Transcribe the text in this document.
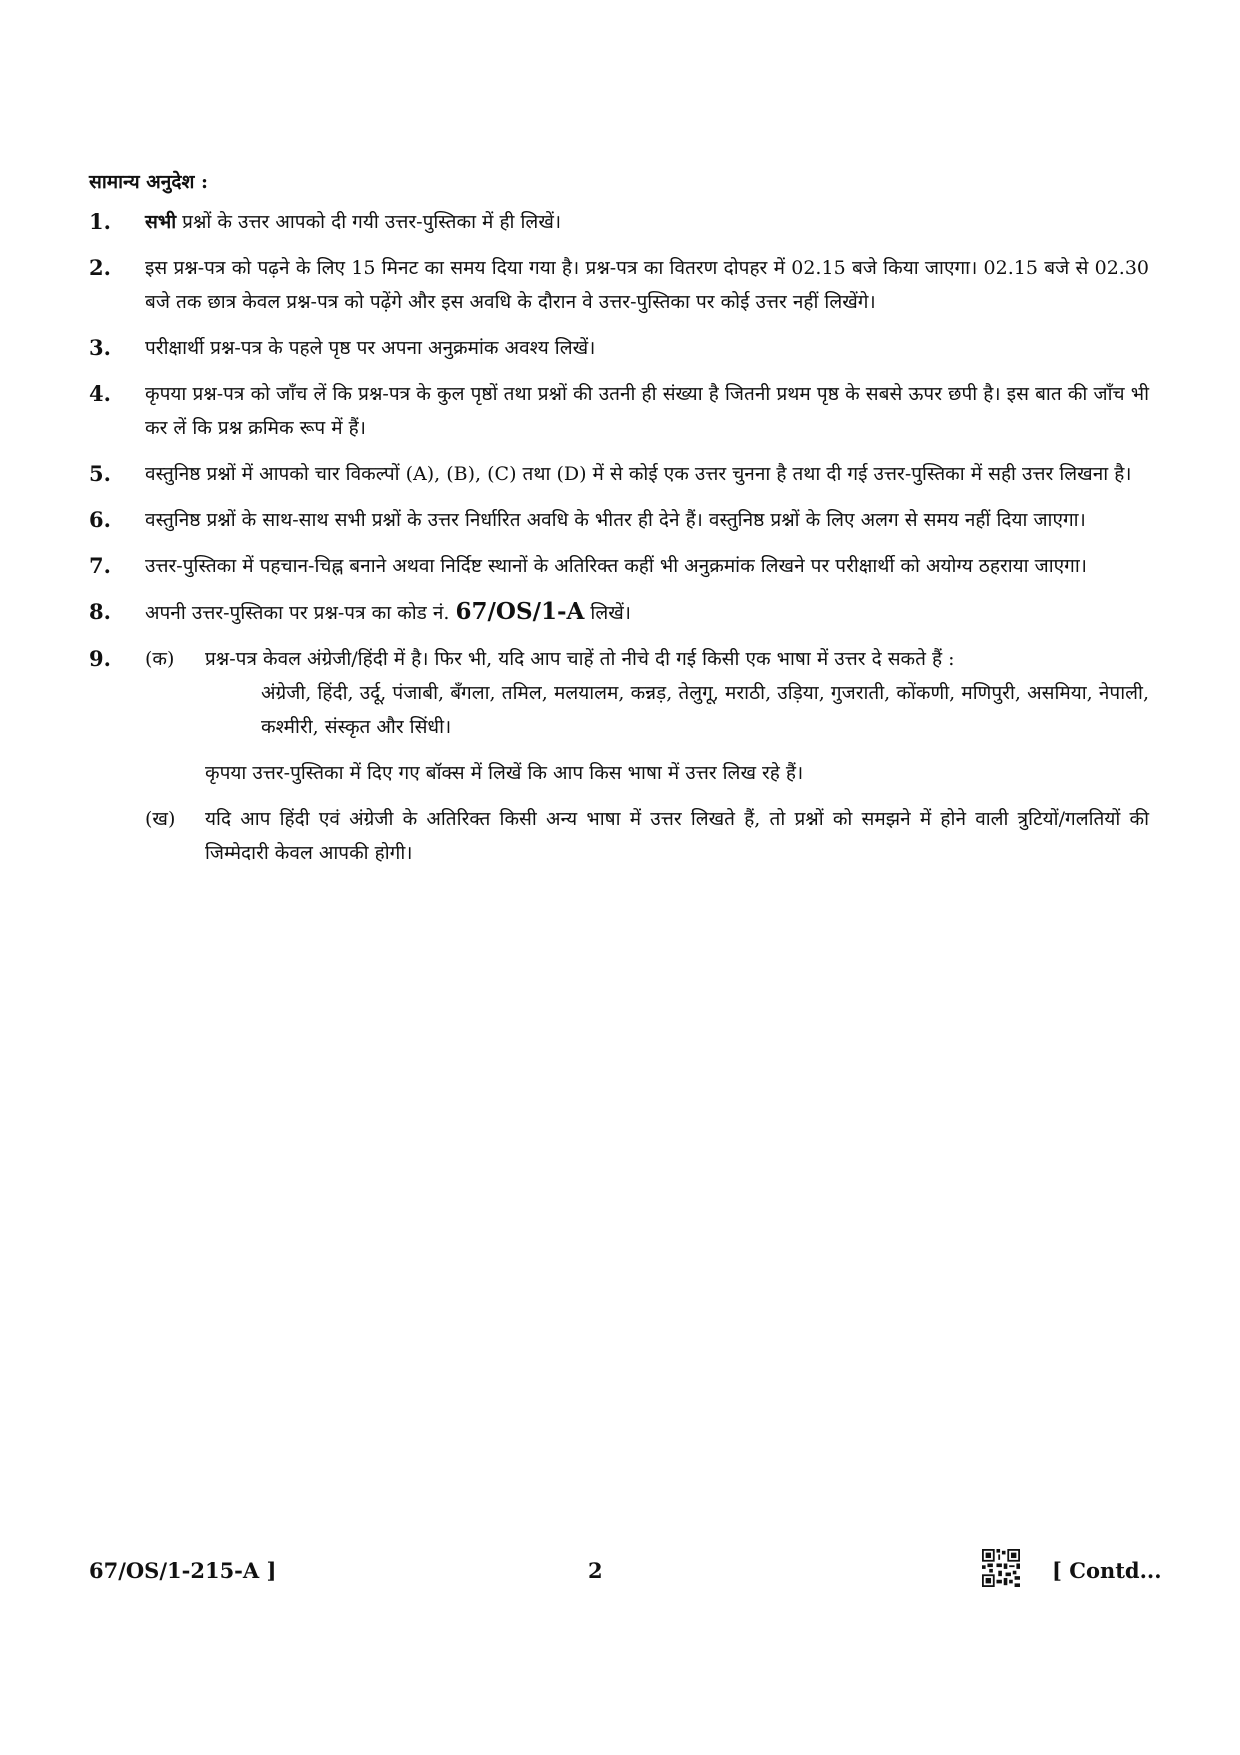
सामान्य अनुदेश :
1.	सभी प्रश्नों के उत्तर आपको दी गयी उत्तर-पुस्तिका में ही लिखें।
2.	इस प्रश्न-पत्र को पढ़ने के लिए 15 मिनट का समय दिया गया है। प्रश्न-पत्र का वितरण दोपहर में 02.15 बजे किया जाएगा। 02.15 बजे से 02.30 बजे तक छात्र केवल प्रश्न-पत्र को पढ़ेंगे और इस अवधि के दौरान वे उत्तर-पुस्तिका पर कोई उत्तर नहीं लिखेंगे।
3.	परीक्षार्थी प्रश्न-पत्र के पहले पृष्ठ पर अपना अनुक्रमांक अवश्य लिखें।
4.	कृपया प्रश्न-पत्र को जाँच लें कि प्रश्न-पत्र के कुल पृष्ठों तथा प्रश्नों की उतनी ही संख्या है जितनी प्रथम पृष्ठ के सबसे ऊपर छपी है। इस बात की जाँच भी कर लें कि प्रश्न क्रमिक रूप में हैं।
5.	वस्तुनिष्ठ प्रश्नों में आपको चार विकल्पों (A), (B), (C) तथा (D) में से कोई एक उत्तर चुनना है तथा दी गई उत्तर-पुस्तिका में सही उत्तर लिखना है।
6.	वस्तुनिष्ठ प्रश्नों के साथ-साथ सभी प्रश्नों के उत्तर निर्धारित अवधि के भीतर ही देने हैं। वस्तुनिष्ठ प्रश्नों के लिए अलग से समय नहीं दिया जाएगा।
7.	उत्तर-पुस्तिका में पहचान-चिह्न बनाने अथवा निर्दिष्ट स्थानों के अतिरिक्त कहीं भी अनुक्रमांक लिखने पर परीक्षार्थी को अयोग्य ठहराया जाएगा।
8.	अपनी उत्तर-पुस्तिका पर प्रश्न-पत्र का कोड नं. 67/OS/1-A लिखें।
9.	(क)	प्रश्न-पत्र केवल अंग्रेजी/हिंदी में है। फिर भी, यदि आप चाहें तो नीचे दी गई किसी एक भाषा में उत्तर दे सकते हैं :
अंग्रेजी, हिंदी, उर्दू, पंजाबी, बँगला, तमिल, मलयालम, कन्नड़, तेलुगू, मराठी, उड़िया, गुजराती, कोंकणी, मणिपुरी, असमिया, नेपाली, कश्मीरी, संस्कृत और सिंधी।
कृपया उत्तर-पुस्तिका में दिए गए बॉक्स में लिखें कि आप किस भाषा में उत्तर लिख रहे हैं।
(ख)	यदि आप हिंदी एवं अंग्रेजी के अतिरिक्त किसी अन्य भाषा में उत्तर लिखते हैं, तो प्रश्नों को समझने में होने वाली त्रुटियों/गलतियों की जिम्मेदारी केवल आपकी होगी।
67/OS/1-215-A ]	2	[ Contd...
